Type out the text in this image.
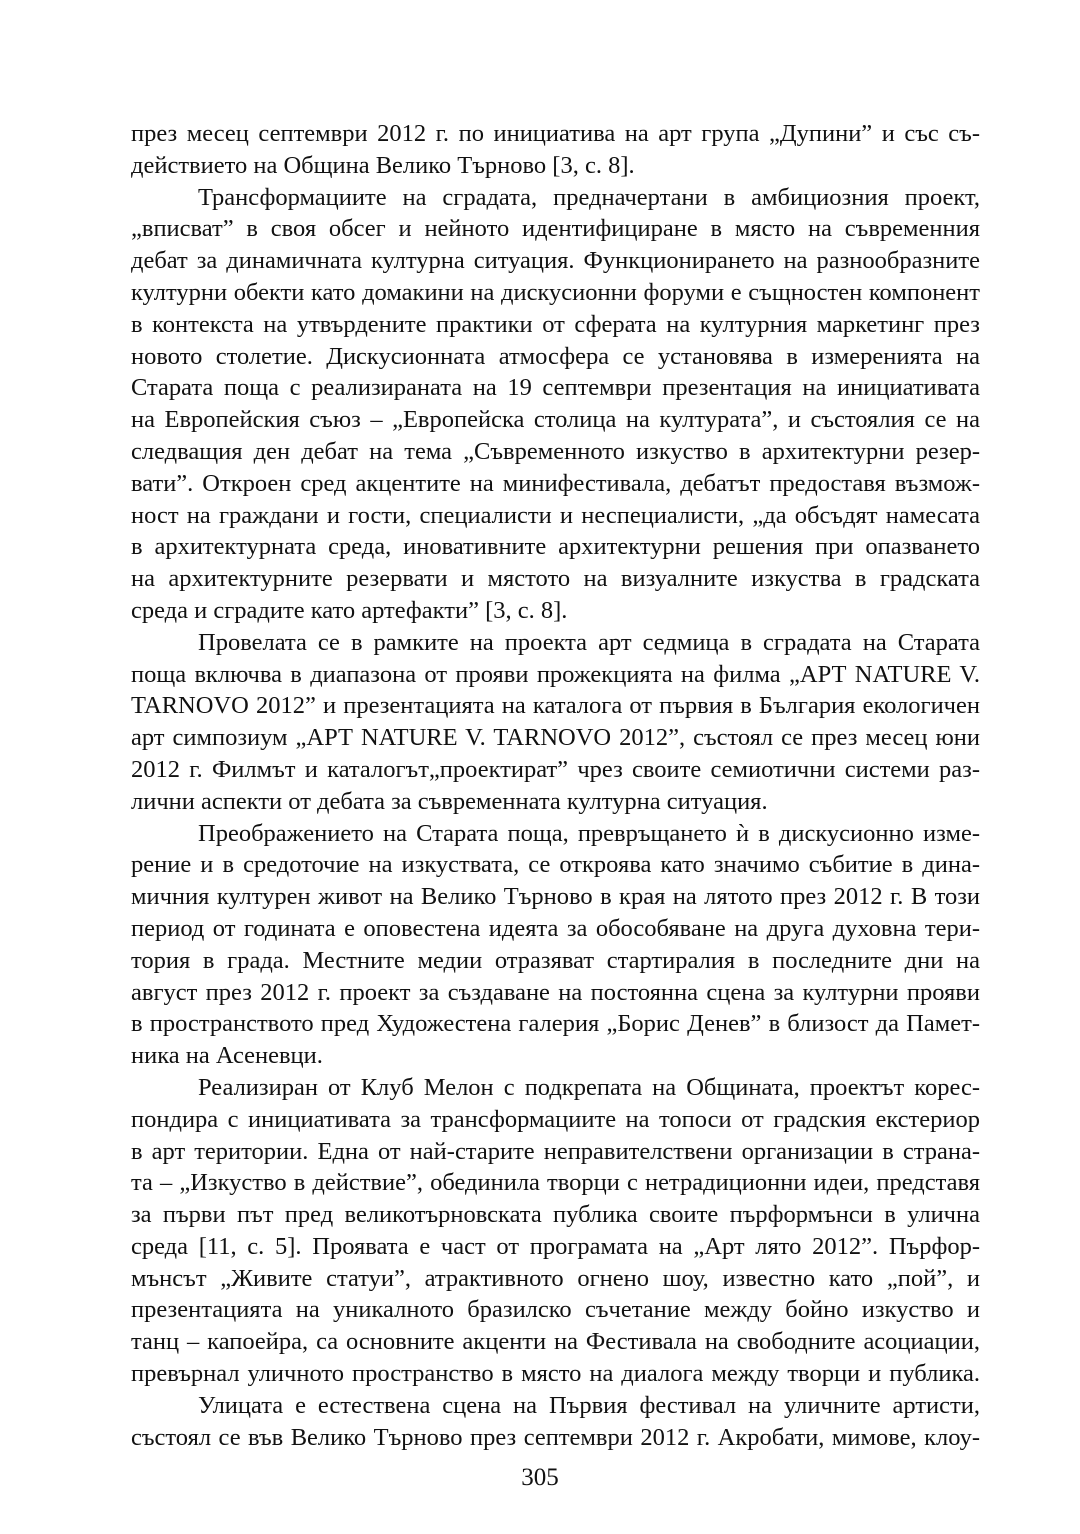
през месец септември 2012 г. по инициатива на арт група „Дупини” и със съ-
действието на Община Велико Търново [3, с. 8].
Трансформациите на сградата, предначертани в амбициозния проект,
„вписват” в своя обсег и нейното идентифициране в място на съвременния
дебат за динамичната културна ситуация. Функционирането на разнообразните
културни обекти като домакини на дискусионни форуми е същностен компонент
в контекста на утвърдените практики от сферата на културния маркетинг през
новото столетие. Дискусионната атмосфера се установява в измеренията на
Старата поща с реализираната на 19 септември презентация на инициативата
на Европейския съюз – „Европейска столица на културата”, и състоялия се на
следващия ден дебат на тема „Съвременното изкуство в архитектурни резер-
вати”. Откроен сред акцентите на минифестивала, дебатът предоставя възмож-
ност на граждани и гости, специалисти и неспециалисти, „да обсъдят намесата
в архитектурната среда, иновативните архитектурни решения при опазването
на архитектурните резервати и мястото на визуалните изкуства в градската
среда и сградите като артефакти” [3, с. 8].
Провелата се в рамките на проекта арт седмица в сградата на Старата
поща включва в диапазона от прояви прожекцията на филма „АРТ NATURE V.
TARNOVO 2012” и презентацията на каталога от първия в България екологичен
арт симпозиум „АРТ NATURE V. TARNOVO 2012”, състоял се през месец юни
2012 г. Филмът и каталогът„проектират” чрез своите семиотични системи раз-
лични аспекти от дебата за съвременната културна ситуация.
Преображението на Старата поща, превръщането ѝ в дискусионно изме-
рение и в средоточие на изкуствата, се откроява като значимо събитие в дина-
мичния културен живот на Велико Търново в края на лятото през 2012 г. В този
период от годината е оповестена идеята за обособяване на друга духовна тери-
тория в града. Местните медии отразяват стартиралия в последните дни на
август през 2012 г. проект за създаване на постоянна сцена за културни прояви
в пространството пред Художестена галерия „Борис Денев” в близост да Памет-
ника на Асеневци.
Реализиран от Клуб Мелон с подкрепата на Общината, проектът корес-
пондира с инициативата за трансформациите на топоси от градския екстериор
в арт територии. Една от най-старите неправителствени организации в страна-
та – „Изкуство в действие”, обединила творци с нетрадиционни идеи, представя
за първи път пред великотърновската публика своите пърформънси в улична
среда [11, с. 5]. Проявата е част от програмата на „Арт лято 2012”. Пърфор-
мънсът „Живите статуи”, атрактивното огнено шоу, известно като „пой”, и
презентацията на уникалното бразилско съчетание между бойно изкуство и
танц – капоейра, са основните акценти на Фестивала на свободните асоциации,
превърнал уличното пространство в място на диалога между творци и публика.
Улицата е естествена сцена на Първия фестивал на уличните артисти,
състоял се във Велико Търново през септември 2012 г. Акробати, мимове, клоу-
305
